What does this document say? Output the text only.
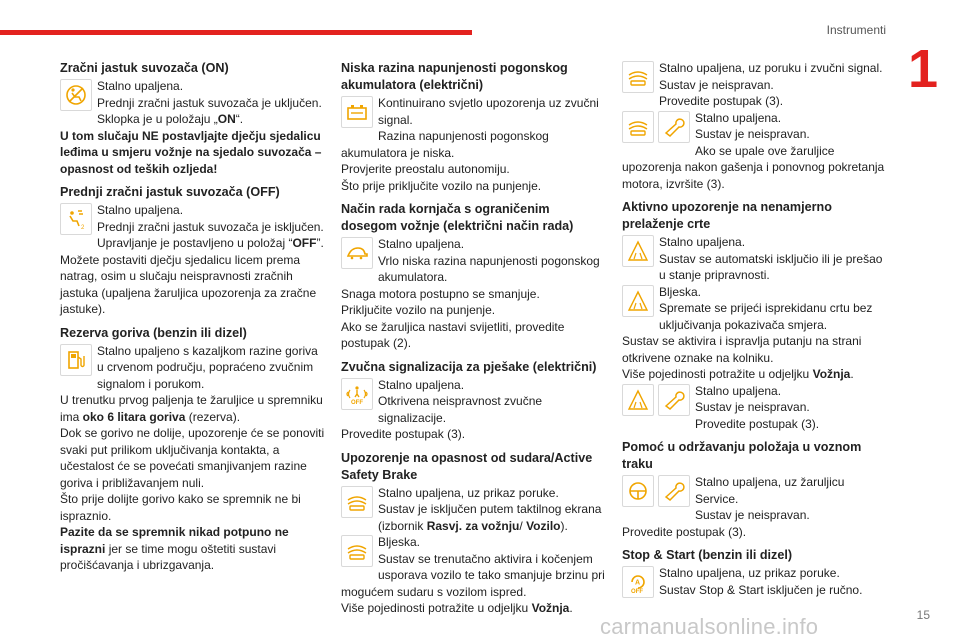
Instrumenti
1
15
carmanualsonline.info
Zračni jastuk suvozača (ON)
Stalno upaljena.
Prednji zračni jastuk suvozača je uključen.
Sklopka je u položaju „ON“.
U tom slučaju NE postavljajte dječju sjedalicu leđima u smjeru vožnje na sjedalo suvozača – opasnost od teških ozljeda!
Prednji zračni jastuk suvozača (OFF)
2
Stalno upaljena.
Prednji zračni jastuk suvozača je isključen.
Upravljanje je postavljeno u položaj “OFF”.
Možete postaviti dječju sjedalicu licem prema natrag, osim u slučaju neispravnosti zračnih jastuka (upaljena žaruljica upozorenja za zračne jastuke).
Rezerva goriva (benzin ili dizel)
Stalno upaljeno s kazaljkom razine goriva u crvenom području, popraćeno zvučnim signalom i porukom.
U trenutku prvog paljenja te žaruljice u spremniku ima oko 6 litara goriva (rezerva).
Dok se gorivo ne dolije, upozorenje će se ponoviti svaki put prilikom uključivanja kontakta, a učestalost će se povećati smanjivanjem razine goriva i približavanjem nuli.
Što prije dolijte gorivo kako se spremnik ne bi ispraznio.
Pazite da se spremnik nikad potpuno ne isprazni jer se time mogu oštetiti sustavi pročišćavanja i ubrizgavanja.
Niska razina napunjenosti pogonskog akumulatora (električni)
Kontinuirano svjetlo upozorenja uz zvučni signal.
Razina napunjenosti pogonskog akumulatora je niska.
Provjerite preostalu autonomiju.
Što prije priključite vozilo na punjenje.
Način rada kornjača s ograničenim dosegom vožnje (električni način rada)
Stalno upaljena.
Vrlo niska razina napunjenosti pogonskog akumulatora.
Snaga motora postupno se smanjuje.
Priključite vozilo na punjenje.
Ako se žaruljica nastavi svijetliti, provedite postupak (2).
Zvučna signalizacija za pješake (električni)
OFF
Stalno upaljena.
Otkrivena neispravnost zvučne signalizacije.
Provedite postupak (3).
Upozorenje na opasnost od sudara/Active Safety Brake
Stalno upaljena, uz prikaz poruke.
Sustav je isključen putem taktilnog ekrana (izbornik Rasvj. za vožnju/ Vozilo).
Bljeska.
Sustav se trenutačno aktivira i kočenjem usporava vozilo te tako smanjuje brzinu pri mogućem sudaru s vozilom ispred.
Više pojedinosti potražite u odjeljku Vožnja.
Stalno upaljena, uz poruku i zvučni signal.
Sustav je neispravan.
Provedite postupak (3).
Stalno upaljena.
Sustav je neispravan.
Ako se upale ove žaruljice upozorenja nakon gašenja i ponovnog pokretanja motora, izvršite (3).
Aktivno upozorenje na nenamjerno prelaženje crte
Stalno upaljena.
Sustav se automatski isključio ili je prešao u stanje pripravnosti.
Bljeska.
Spremate se prijeći isprekidanu crtu bez uključivanja pokazivača smjera.
Sustav se aktivira i ispravlja putanju na strani otkrivene oznake na kolniku.
Više pojedinosti potražite u odjeljku Vožnja.
Stalno upaljena.
Sustav je neispravan.
Provedite postupak (3).
Pomoć u održavanju položaja u voznom traku
Stalno upaljena, uz žaruljicu Service.
Sustav je neispravan.
Provedite postupak (3).
Stop & Start (benzin ili dizel)
A
OFF
Stalno upaljena, uz prikaz poruke.
Sustav Stop & Start isključen je ručno.
